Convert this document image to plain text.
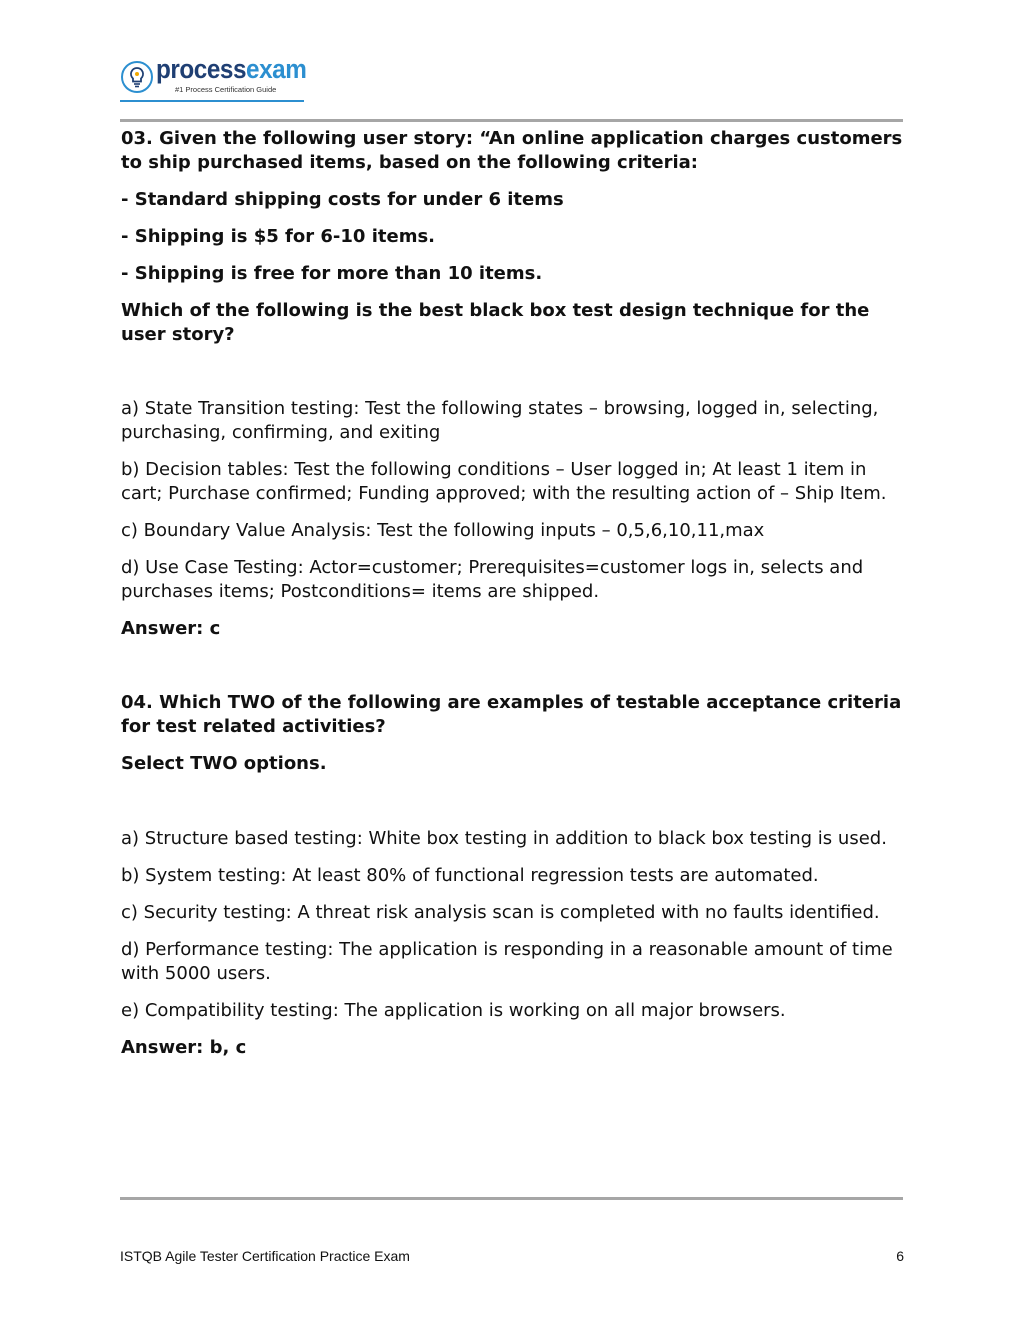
processexam
#1 Process Certification Guide

03. Given the following user story: “An online application charges customers to ship purchased items, based on the following criteria:

- Standard shipping costs for under 6 items

- Shipping is $5 for 6-10 items.

- Shipping is free for more than 10 items.

Which of the following is the best black box test design technique for the user story?

a) State Transition testing: Test the following states – browsing, logged in, selecting, purchasing, confirming, and exiting

b) Decision tables: Test the following conditions – User logged in; At least 1 item in cart; Purchase confirmed; Funding approved; with the resulting action of – Ship Item.

c) Boundary Value Analysis: Test the following inputs – 0,5,6,10,11,max

d) Use Case Testing: Actor=customer; Prerequisites=customer logs in, selects and purchases items; Postconditions= items are shipped.

Answer: c

04. Which TWO of the following are examples of testable acceptance criteria for test related activities?

Select TWO options.

a) Structure based testing: White box testing in addition to black box testing is used.

b) System testing: At least 80% of functional regression tests are automated.

c) Security testing: A threat risk analysis scan is completed with no faults identified.

d) Performance testing: The application is responding in a reasonable amount of time with 5000 users.

e) Compatibility testing: The application is working on all major browsers.

Answer: b, c

ISTQB Agile Tester Certification Practice Exam	6
